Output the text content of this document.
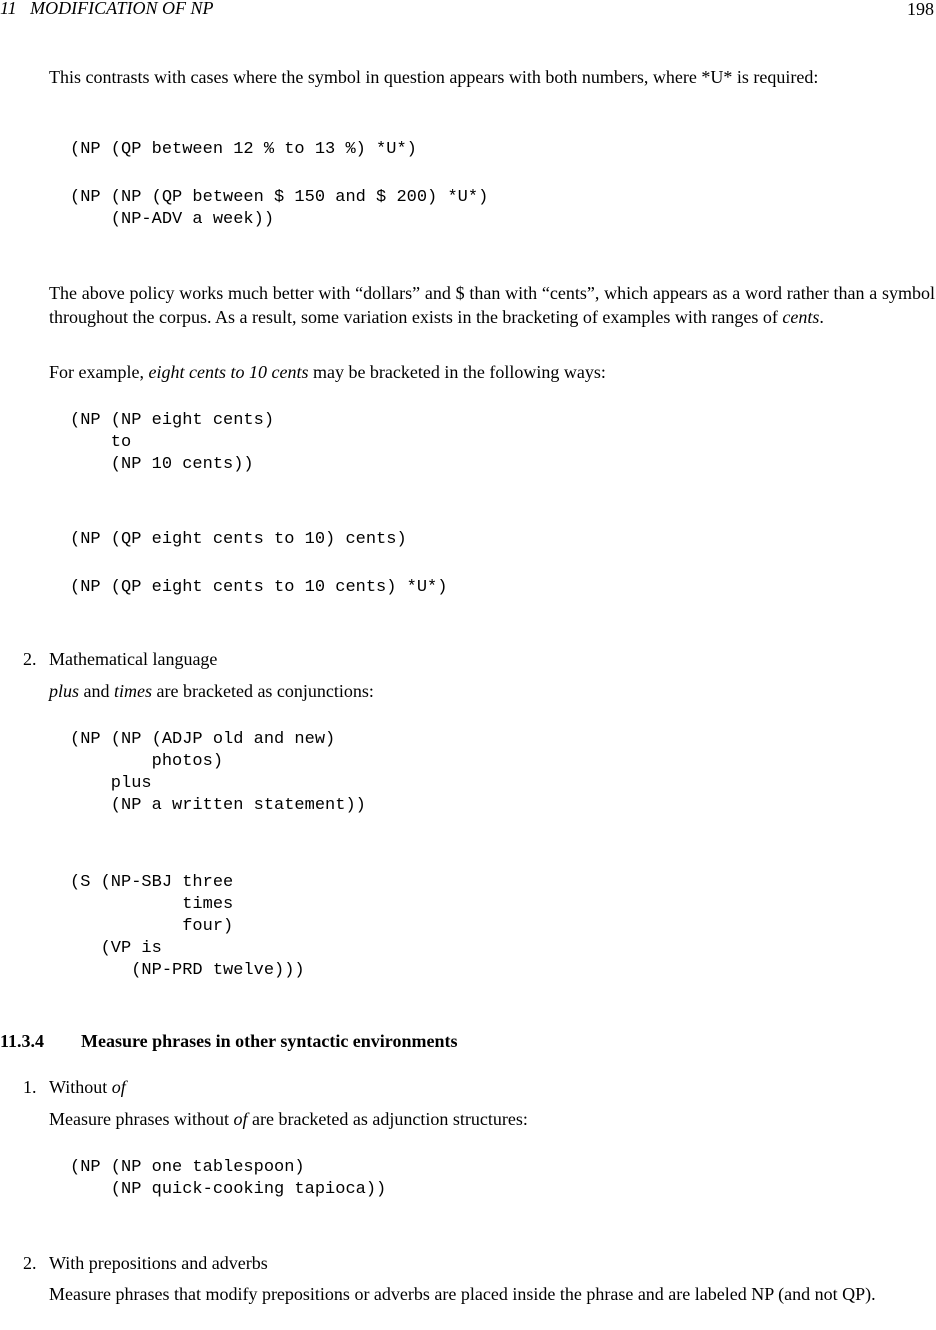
11   MODIFICATION OF NP	198
This contrasts with cases where the symbol in question appears with both numbers, where *U* is required:
(NP (QP between 12 % to 13 %) *U*)
(NP (NP (QP between $ 150 and $ 200) *U*)
(NP-ADV a week))
The above policy works much better with “dollars” and $ than with “cents”, which appears as a word rather than a symbol throughout the corpus. As a result, some variation exists in the bracketing of examples with ranges of cents.
For example, eight cents to 10 cents may be bracketed in the following ways:
(NP (NP eight cents)
to
(NP 10 cents))
(NP (QP eight cents to 10) cents)
(NP (QP eight cents to 10 cents) *U*)
2. Mathematical language
plus and times are bracketed as conjunctions:
(NP (NP (ADJP old and new)
photos)
plus
(NP a written statement))
(S (NP-SBJ three
times
four)
(VP is
(NP-PRD twelve)))
11.3.4 Measure phrases in other syntactic environments
1. Without of
Measure phrases without of are bracketed as adjunction structures:
(NP (NP one tablespoon)
(NP quick-cooking tapioca))
2. With prepositions and adverbs
Measure phrases that modify prepositions or adverbs are placed inside the phrase and are labeled NP (and not QP).
